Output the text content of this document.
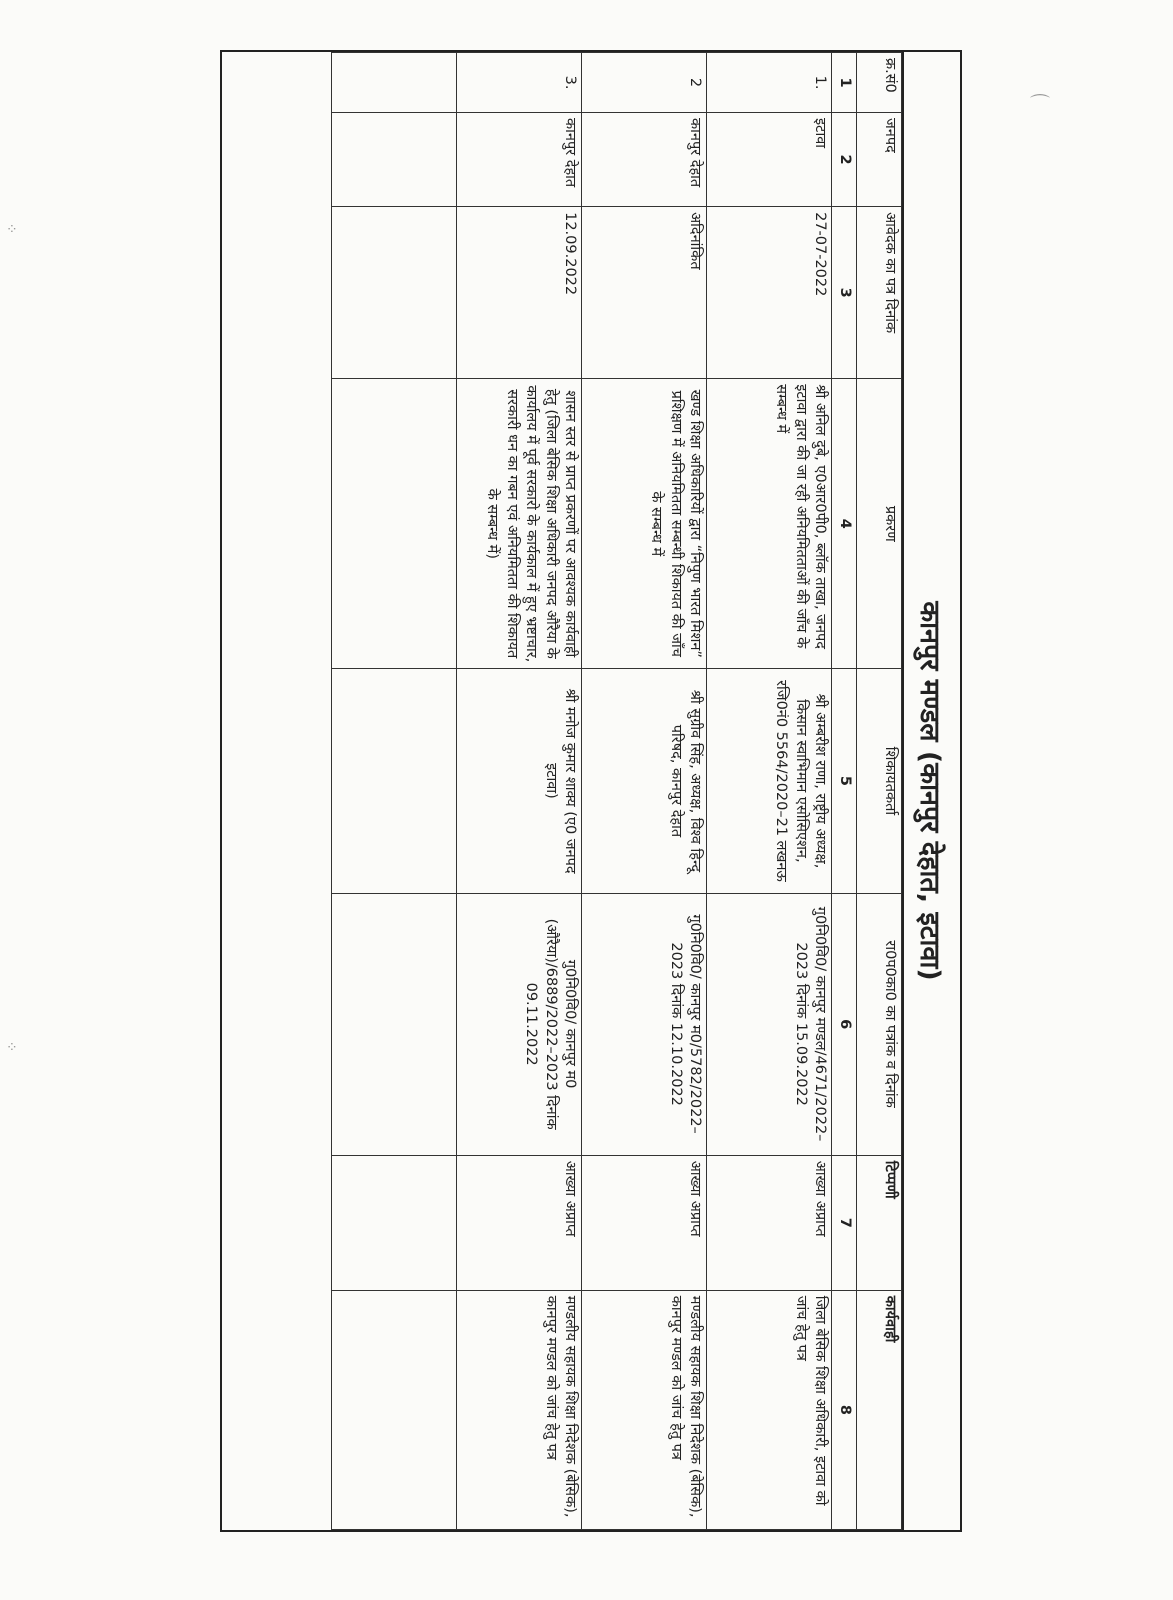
⁘
⁘
⌒
कानपुर मण्डल (कानपुर देहात, इटावा)
क्र.सं0	जनपद	आवेदक का पत्र दिनांक	प्रकरण	शिकायतकर्ता	रा0प0का0 का पत्रांक व दिनांक	टिप्पणी	कार्यवाही
1	2	3	4	5	6	7	8
1.	इटावा	27-07-2022	श्री अनिल दुबे, ए0आर0पी0, ब्लॉक ताखा, जनपद इटावा द्वारा की जा रही अनियमितताओं की जाँच के सम्बन्ध में	श्री अम्बरीश राणा, राष्ट्रीय अध्यक्ष, किसान स्वाभिमान एसोसिएशन, रजि0नं0 5564/2020–21 लखनऊ	गु0नि0वि0/ कानपुर मण्डल/4671/2022–2023 दिनांक 15.09.2022	आख्या अप्राप्त	जिला बेसिक शिक्षा अधिकारी, इटावा को जांच हेतु पत्र
2	कानपुर देहात	अदिनांकित	खण्ड शिक्षा अधिकारियों द्वारा “निपुण भारत मिशन” प्रशिक्षण में अनियमितता सम्बन्धी शिकायत की जाँच के सम्बन्ध में	श्री सुग्रीव सिंह, अध्यक्ष, विश्व हिन्दू परिषद, कानपुर देहात	गु0नि0वि0/ कानपुर म0/5782/2022–2023 दिनांक 12.10.2022	आख्या अप्राप्त	मण्डलीय सहायक शिक्षा निदेशक (बेसिक), कानपुर मण्डल को जांच हेतु पत्र
3.	कानपुर देहात	12.09.2022	शासन स्तर से प्राप्त प्रकरणों पर आवश्यक कार्यवाही हेतु (जिला बेसिक शिक्षा अधिकारी जनपद औरैया के कार्यालय में पूर्व सरकारो के कार्यकाल में हुए भ्रष्टाचार, सरकारी धन का गबन एवं अनियमितता की शिकायत के सम्बन्ध में)	श्री मनोज कुमार शाक्य (ए0 जनपद इटावा)	गु0नि0वि0/ कानपुर म0 (औरैया)/6889/2022–2023 दिनांक 09.11.2022	आख्या अप्राप्त	मण्डलीय सहायक शिक्षा निदेशक (बेसिक), कानपुर मण्डल को जांच हेतु पत्र
